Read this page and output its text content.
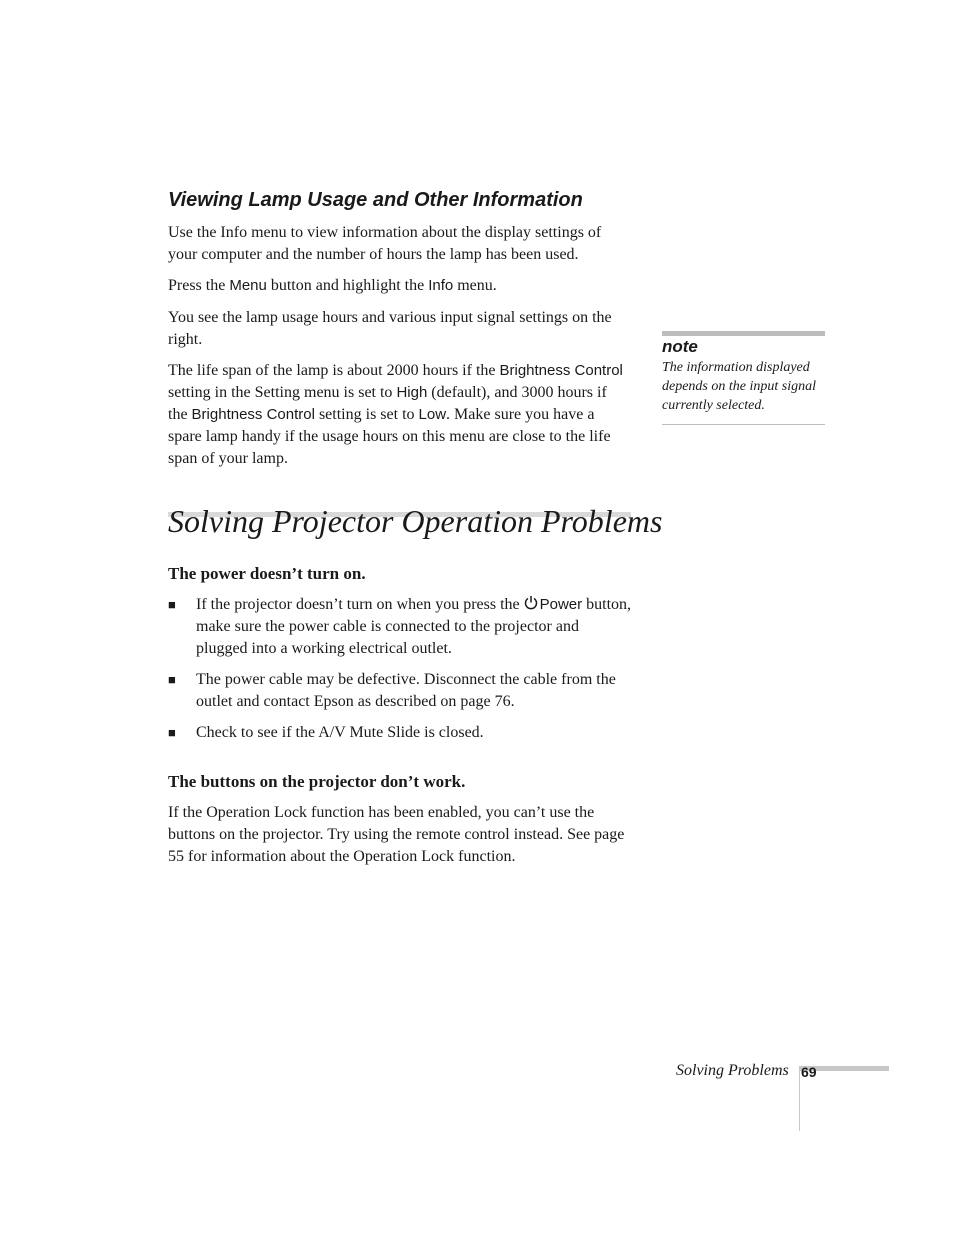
Viewing Lamp Usage and Other Information

Use the Info menu to view information about the display settings of your computer and the number of hours the lamp has been used.

Press the Menu button and highlight the Info menu.

You see the lamp usage hours and various input signal settings on the right.

The life span of the lamp is about 2000 hours if the Brightness Control setting in the Setting menu is set to High (default), and 3000 hours if the Brightness Control setting is set to Low. Make sure you have a spare lamp handy if the usage hours on this menu are close to the life span of your lamp.

note
The information displayed depends on the input signal currently selected.
Solving Projector Operation Problems
The power doesn’t turn on.
■ If the projector doesn’t turn on when you press the Power button, make sure the power cable is connected to the projector and plugged into a working electrical outlet.
■ The power cable may be defective. Disconnect the cable from the outlet and contact Epson as described on page 76.
■ Check to see if the A/V Mute Slide is closed.
The buttons on the projector don’t work.

If the Operation Lock function has been enabled, you can’t use the buttons on the projector. Try using the remote control instead. See page 55 for information about the Operation Lock function.

Solving Problems 69
